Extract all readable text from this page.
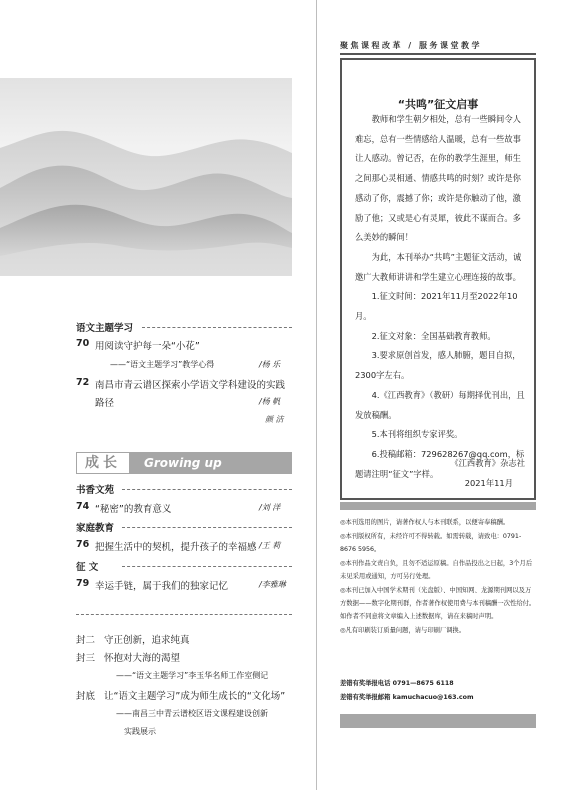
语文主题学习
70 用阅读守护每一朵“小花”
——“语文主题学习”教学心得	/杨 乐
72 南昌市青云谱区探索小学语文学科建设的实践
路径	/杨 帆
颜 洁
成长	Growing up
书香文苑
74 “秘密”的教育意义	/刘 洋
家庭教育
76 把握生活中的契机，提升孩子的幸福感 /王 莉
征 文
79 幸运手链，属于我们的独家记忆	/李雅琳
封二 守正创新，追求纯真
封三 怀抱对大海的渴望
——“语文主题学习”李玉华名师工作室侧记
封底 让“语文主题学习”成为师生成长的“文化场”
——南昌三中青云谱校区语文课程建设创新
实践展示
聚焦课程改革 / 服务课堂教学
“共鸣”征文启事

教师和学生朝夕相处，总有一些瞬间令人难忘，总有一些情感给人温暖，总有一些故事让人感动。曾记否，在你的教学生涯里，师生之间那心灵相通、情感共鸣的时刻？或许是你感动了你，震撼了你；或许是你触动了他，激励了他；又或是心有灵犀，彼此不谋而合。多么美妙的瞬间！

为此，本刊举办“共鸣”主题征文活动，诚邀广大教师讲讲和学生建立心理连接的故事。

1.征文时间：2021年11月至2022年10月。

2.征文对象：全国基础教育教师。

3.要求原创首发，感人肺腑，题目自拟，2300字左右。

4.《江西教育》（教研）每期择优刊出，且发放稿酬。

5.本刊将组织专家评奖。

6.投稿邮箱：729628267@qq.com，标题请注明“征文”字样。

《江西教育》杂志社
2021年11月

◎本刊选用的图片，请著作权人与本刊联系，以便寄奉稿酬。

◎本刊版权所有，未经许可不得转载。如需转载，请致电：0791-8676 5956。

◎本刊作品文责自负，且勿不适运原稿。自作品投出之日起，3个月后未见采用或通知，方可另行处理。

◎本刊已加入中国学术期刊（光盘版）、中国知网、龙源期刊网以及万方数据——数字化期刊群，作者著作权使用费与本刊稿酬一次性给付。如作者不同意将文章编入上述数据库，请在来稿时声明。

◎凡有印刷装订质量问题，请与印刷厂调换。

差错有奖举报电话 0791—8675 6118
差错有奖举报邮箱 kamuchacuo@163.com
